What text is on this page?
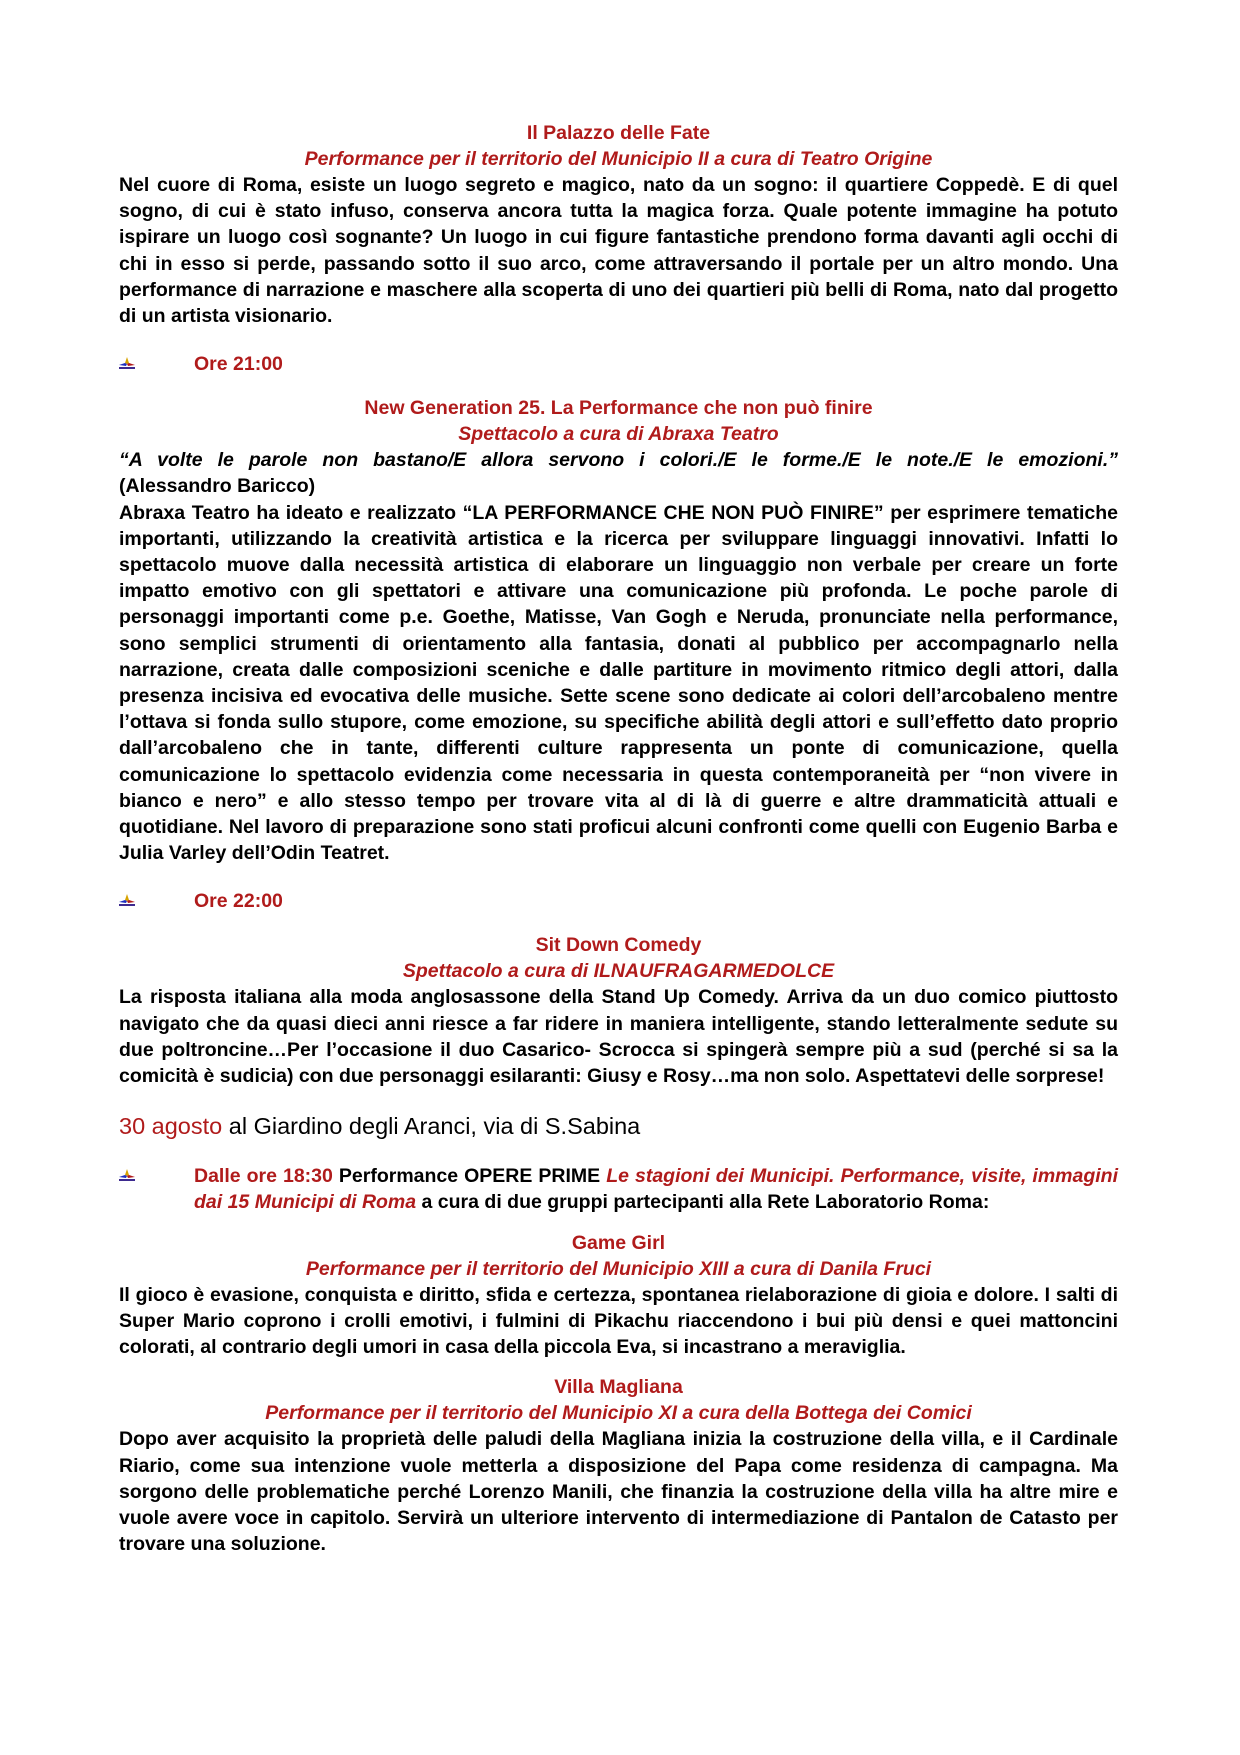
Il Palazzo delle Fate
Performance per il territorio del Municipio II a cura di Teatro Origine

Nel cuore di Roma, esiste un luogo segreto e magico, nato da un sogno: il quartiere Coppedè. E di quel sogno, di cui è stato infuso, conserva ancora tutta la magica forza. Quale potente immagine ha potuto ispirare un luogo così sognante? Un luogo in cui figure fantastiche prendono forma davanti agli occhi di chi in esso si perde, passando sotto il suo arco, come attraversando il portale per un altro mondo. Una performance di narrazione e maschere alla scoperta di uno dei quartieri più belli di Roma, nato dal progetto di un artista visionario.

Ore 21:00
New Generation 25. La Performance che non può finire
Spettacolo a cura di Abraxa Teatro

“A volte le parole non bastano/E allora servono i colori./E le forme./E le note./E le emozioni.”

(Alessandro Baricco)

Abraxa Teatro ha ideato e realizzato “LA PERFORMANCE CHE NON PUÒ FINIRE” per esprimere tematiche importanti, utilizzando la creatività artistica e la ricerca per sviluppare linguaggi innovativi. Infatti lo spettacolo muove dalla necessità artistica di elaborare un linguaggio non verbale per creare un forte impatto emotivo con gli spettatori e attivare una comunicazione più profonda. Le poche parole di personaggi importanti come p.e. Goethe, Matisse, Van Gogh e Neruda, pronunciate nella performance, sono semplici strumenti di orientamento alla fantasia, donati al pubblico per accompagnarlo nella narrazione, creata dalle composizioni sceniche e dalle partiture in movimento ritmico degli attori, dalla presenza incisiva ed evocativa delle musiche. Sette scene sono dedicate ai colori dell’arcobaleno mentre l’ottava si fonda sullo stupore, come emozione, su specifiche abilità degli attori e sull’effetto dato proprio dall’arcobaleno che in tante, differenti culture rappresenta un ponte di comunicazione, quella comunicazione lo spettacolo evidenzia come necessaria in questa contemporaneità per “non vivere in bianco e nero” e allo stesso tempo per trovare vita al di là di guerre e altre drammaticità attuali e quotidiane. Nel lavoro di preparazione sono stati proficui alcuni confronti come quelli con Eugenio Barba e Julia Varley dell’Odin Teatret.

Ore 22:00
Sit Down Comedy
Spettacolo a cura di ILNAUFRAGARMEDOLCE

La risposta italiana alla moda anglosassone della Stand Up Comedy. Arriva da un duo comico piuttosto navigato che da quasi dieci anni riesce a far ridere in maniera intelligente, stando letteralmente sedute su due poltroncine…Per l’occasione il duo Casarico- Scrocca si spingerà sempre più a sud (perché si sa la comicità è sudicia) con due personaggi esilaranti: Giusy e Rosy…ma non solo. Aspettatevi delle sorprese!

30 agosto al Giardino degli Aranci, via di S.Sabina
Dalle ore 18:30 Performance OPERE PRIME Le stagioni dei Municipi. Performance, visite, immagini dai 15 Municipi di Roma a cura di due gruppi partecipanti alla Rete Laboratorio Roma:
Game Girl
Performance per il territorio del Municipio XIII a cura di Danila Fruci

Il gioco è evasione, conquista e diritto, sfida e certezza, spontanea rielaborazione di gioia e dolore. I salti di Super Mario coprono i crolli emotivi, i fulmini di Pikachu riaccendono i bui più densi e quei mattoncini colorati, al contrario degli umori in casa della piccola Eva, si incastrano a meraviglia.

Villa Magliana
Performance per il territorio del Municipio XI a cura della Bottega dei Comici

Dopo aver acquisito la proprietà delle paludi della Magliana inizia la costruzione della villa, e il Cardinale Riario, come sua intenzione vuole metterla a disposizione del Papa come residenza di campagna. Ma sorgono delle problematiche perché Lorenzo Manili, che finanzia la costruzione della villa ha altre mire e vuole avere voce in capitolo. Servirà un ulteriore intervento di intermediazione di Pantalon de Catasto per trovare una soluzione.
